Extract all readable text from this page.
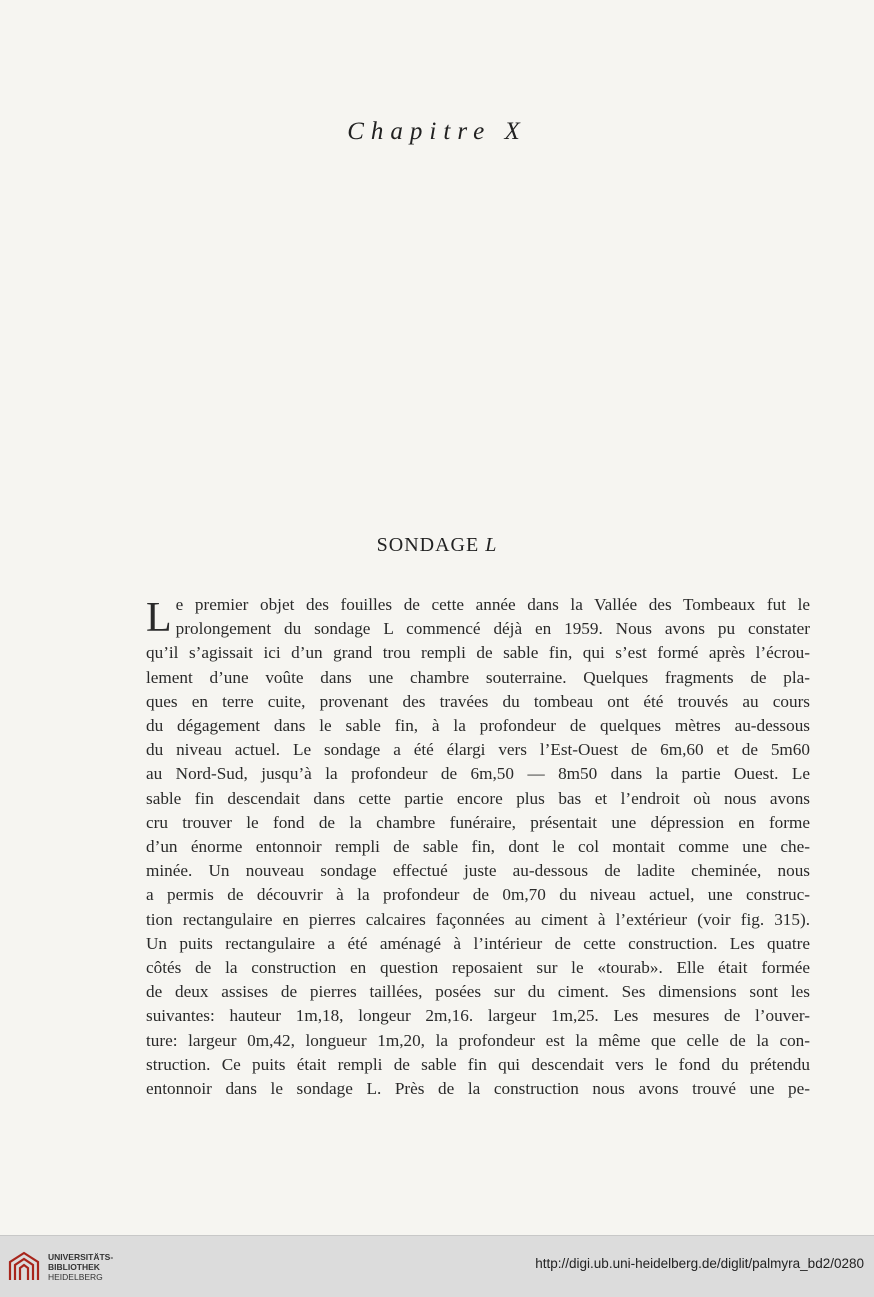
Chapitre X
SONDAGE L
L e premier objet des fouilles de cette année dans la Vallée des Tombeaux fut le
prolongement du sondage L commencé déjà en 1959. Nous avons pu constater
qu’il s’agissait ici d’un grand trou rempli de sable fin, qui s’est formé après l’écrou-
lement d’une voûte dans une chambre souterraine. Quelques fragments de pla-
ques en terre cuite, provenant des travées du tombeau ont été trouvés au cours
du dégagement dans le sable fin, à la profondeur de quelques mètres au-dessous
du niveau actuel. Le sondage a été élargi vers l’Est-Ouest de 6m,60 et de 5m60
au Nord-Sud, jusqu’à la profondeur de 6m,50 — 8m50 dans la partie Ouest. Le
sable fin descendait dans cette partie encore plus bas et l’endroit où nous avons
cru trouver le fond de la chambre funéraire, présentait une dépression en forme
d’un énorme entonnoir rempli de sable fin, dont le col montait comme une che-
minée. Un nouveau sondage effectué juste au-dessous de ladite cheminée, nous
a permis de découvrir à la profondeur de 0m,70 du niveau actuel, une construc-
tion rectangulaire en pierres calcaires façonnées au ciment à l’extérieur (voir fig. 315).
Un puits rectangulaire a été aménagé à l’intérieur de cette construction. Les quatre
côtés de la construction en question reposaient sur le «tourab». Elle était formée
de deux assises de pierres taillées, posées sur du ciment. Ses dimensions sont les
suivantes: hauteur 1m,18, longeur 2m,16. largeur 1m,25. Les mesures de l’ouver-
ture: largeur 0m,42, longueur 1m,20, la profondeur est la même que celle de la con-
struction. Ce puits était rempli de sable fin qui descendait vers le fond du prétendu
entonnoir dans le sondage L. Près de la construction nous avons trouvé une pe-
UNIVERSITÄTS-
BIBLIOTHEK
HEIDELBERG
http://digi.ub.uni-heidelberg.de/diglit/palmyra_bd2/0280
